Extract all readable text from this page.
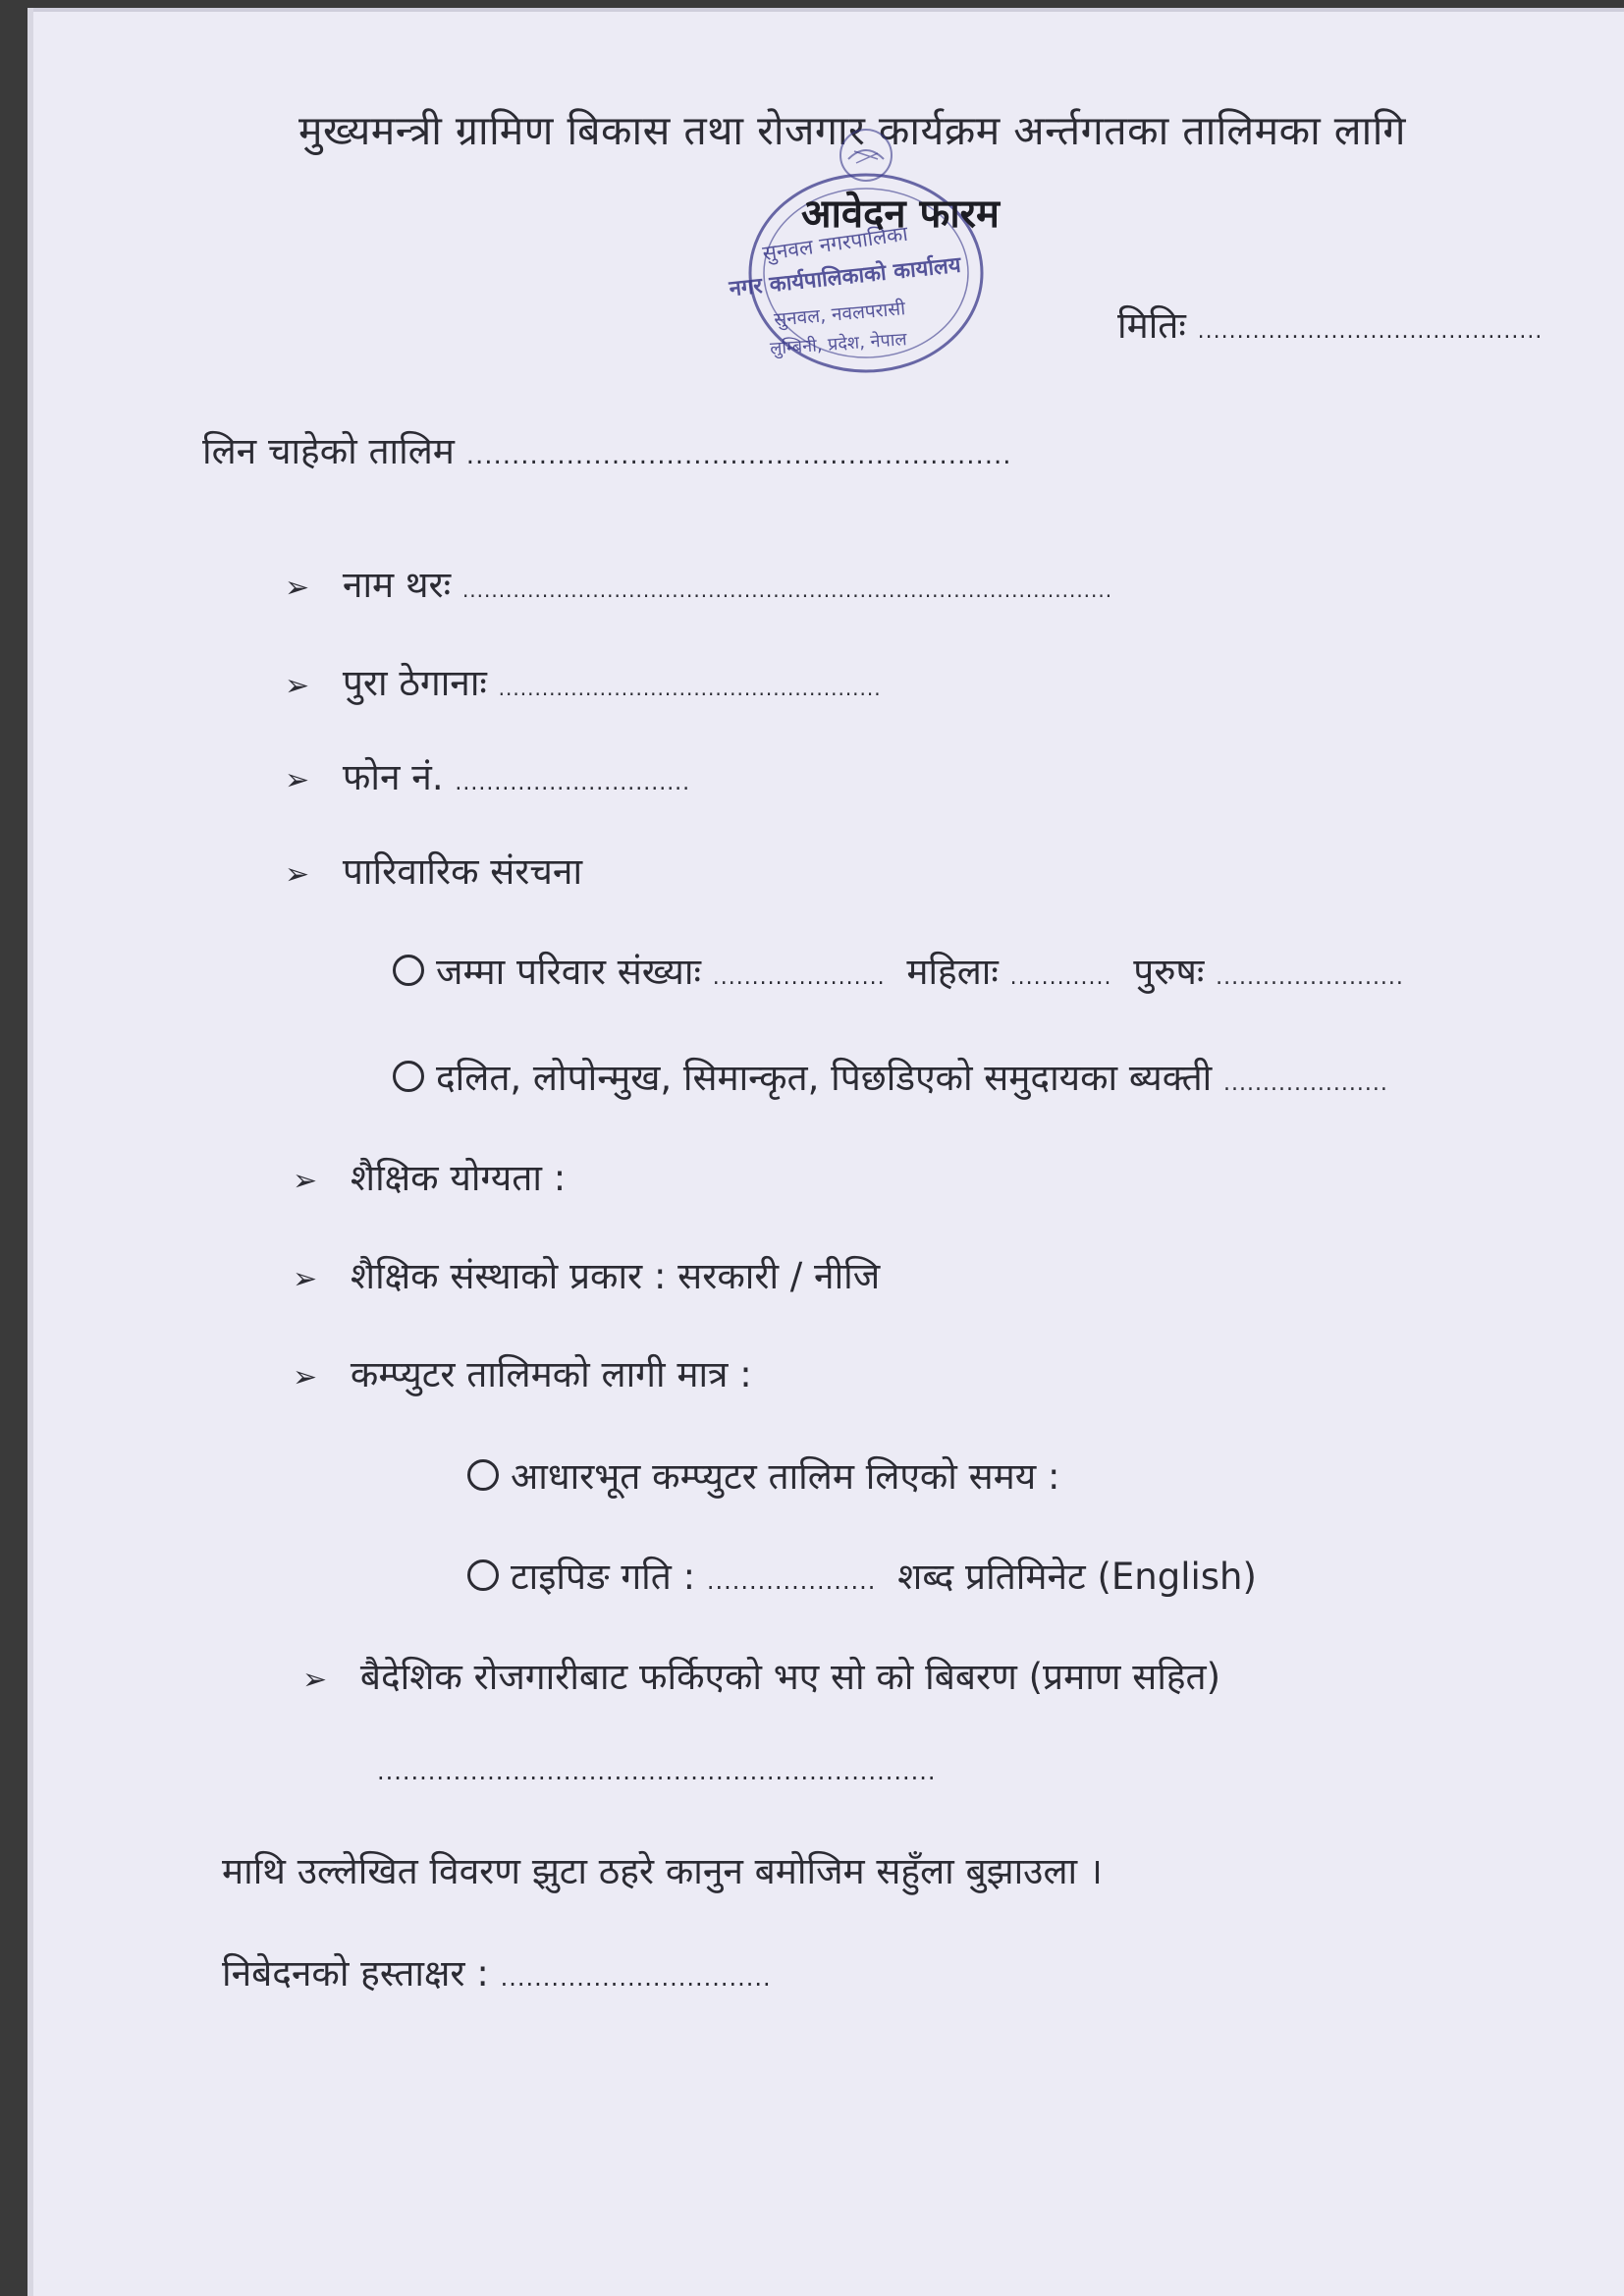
मुख्यमन्त्री ग्रामिण बिकास तथा रोजगार कार्यक्रम अर्न्तगतका तालिमका लागि
सुनवल नगरपालिका
नगर कार्यपालिकाको कार्यालय
सुनवल, नवलपरासी
लुम्बिनी, प्रदेश, नेपाल
आवेदन फारम
मितिः ............................................
लिन चाहेको तालिम ............................................................
➢ नाम थरः ..........................................................................................
➢ पुरा ठेगानाः .....................................................
➢ फोन नं. ..............................
➢ पारिवारिक संरचना
जम्मा परिवार संख्याः ...................... महिलाः ............. पुरुषः ........................
दलित, लोपोन्मुख, सिमान्कृत, पिछडिएको समुदायका ब्यक्ती .....................
➢ शैक्षिक योग्यता :
➢ शैक्षिक संस्थाको प्रकार : सरकारी / नीजि
➢ कम्प्युटर तालिमको लागी मात्र :
आधारभूत कम्प्युटर तालिम लिएको समय :
टाइपिङ गति : .................... शब्द प्रतिमिनेट (English)
➢ बैदेशिक रोजगारीबाट फर्किएको भए सो को बिबरण (प्रमाण सहित)
..................................................................
माथि उल्लेखित विवरण झुटा ठहरे कानुन बमोजिम सहुँला बुझाउला ।
निबेदनको हस्ताक्षर : ................................
